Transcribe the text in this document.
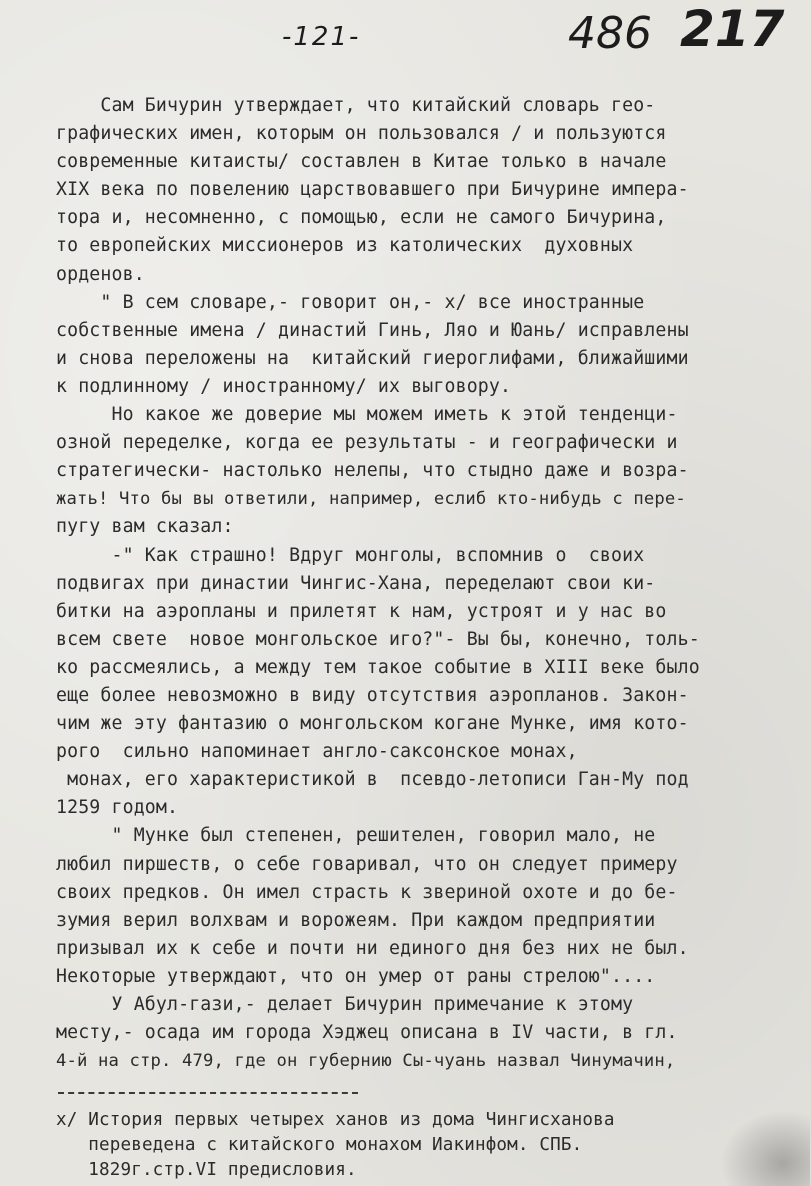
-121-	486 217
Сам Бичурин утверждает, что китайский словарь гео-
графических имен, которым он пользовался / и пользуются
современные китаисты/ составлен в Китае только в начале
XIX века по повелению царствовавшего при Бичурине импера-
тора и, несомненно, с помощью, если не самого Бичурина,
то европейских миссионеров из католических  духовных
орденов.
" В сем словаре,- говорит он,- x/ все иностранные
собственные имена / династий Гинь, Ляо и Юань/ исправлены
и снова переложены на  китайский гиероглифами, ближайшими
к подлинному / иностранному/ их выговору.
Но какое же доверие мы можем иметь к этой тенденци-
озной переделке, когда ее результаты - и географически и
стратегически- настолько нелепы, что стыдно даже и возра-
жать! Что бы вы ответили, например, еслиб кто-нибудь с пере-
пугу вам сказал:
-" Как страшно! Вдруг монголы, вспомнив о  своих
подвигах при династии Чингис-Хана, переделают свои ки-
битки на аэропланы и прилетят к нам, устроят и у нас во
всем свете  новое монгольское иго?"- Вы бы, конечно, толь-
ко рассмеялись, а между тем такое событие в XIII веке было
еще более невозможно в виду отсутствия аэропланов. Закон-
чим же эту фантазию о монгольском когане Мунке, имя кото-
рого  сильно напоминает англо-саксонское монах,
монах, его характеристикой в  псевдо-летописи Ган-Му под
1259 годом.
" Мунке был степенен, решителен, говорил мало, не
любил пиршеств, о себе говаривал, что он следует примеру
своих предков. Он имел страсть к звериной охоте и до бе-
зумия верил волхвам и ворожеям. При каждом предприятии
призывал их к себе и почти ни единого дня без них не был.
Некоторые утверждают, что он умер от раны стрелою"....
У Абул-гази,- делает Бичурин примечание к этому
месту,- осада им города Хэджец описана в IV части, в гл.
4-й на стр. 479, где он губернию Сы-чуань назвал Чинумачин,
x/ История первых четырех ханов из дома Чингисханова
переведена с китайского монахом Иакинфом. СПБ.
1829г.стр.VI предисловия.
